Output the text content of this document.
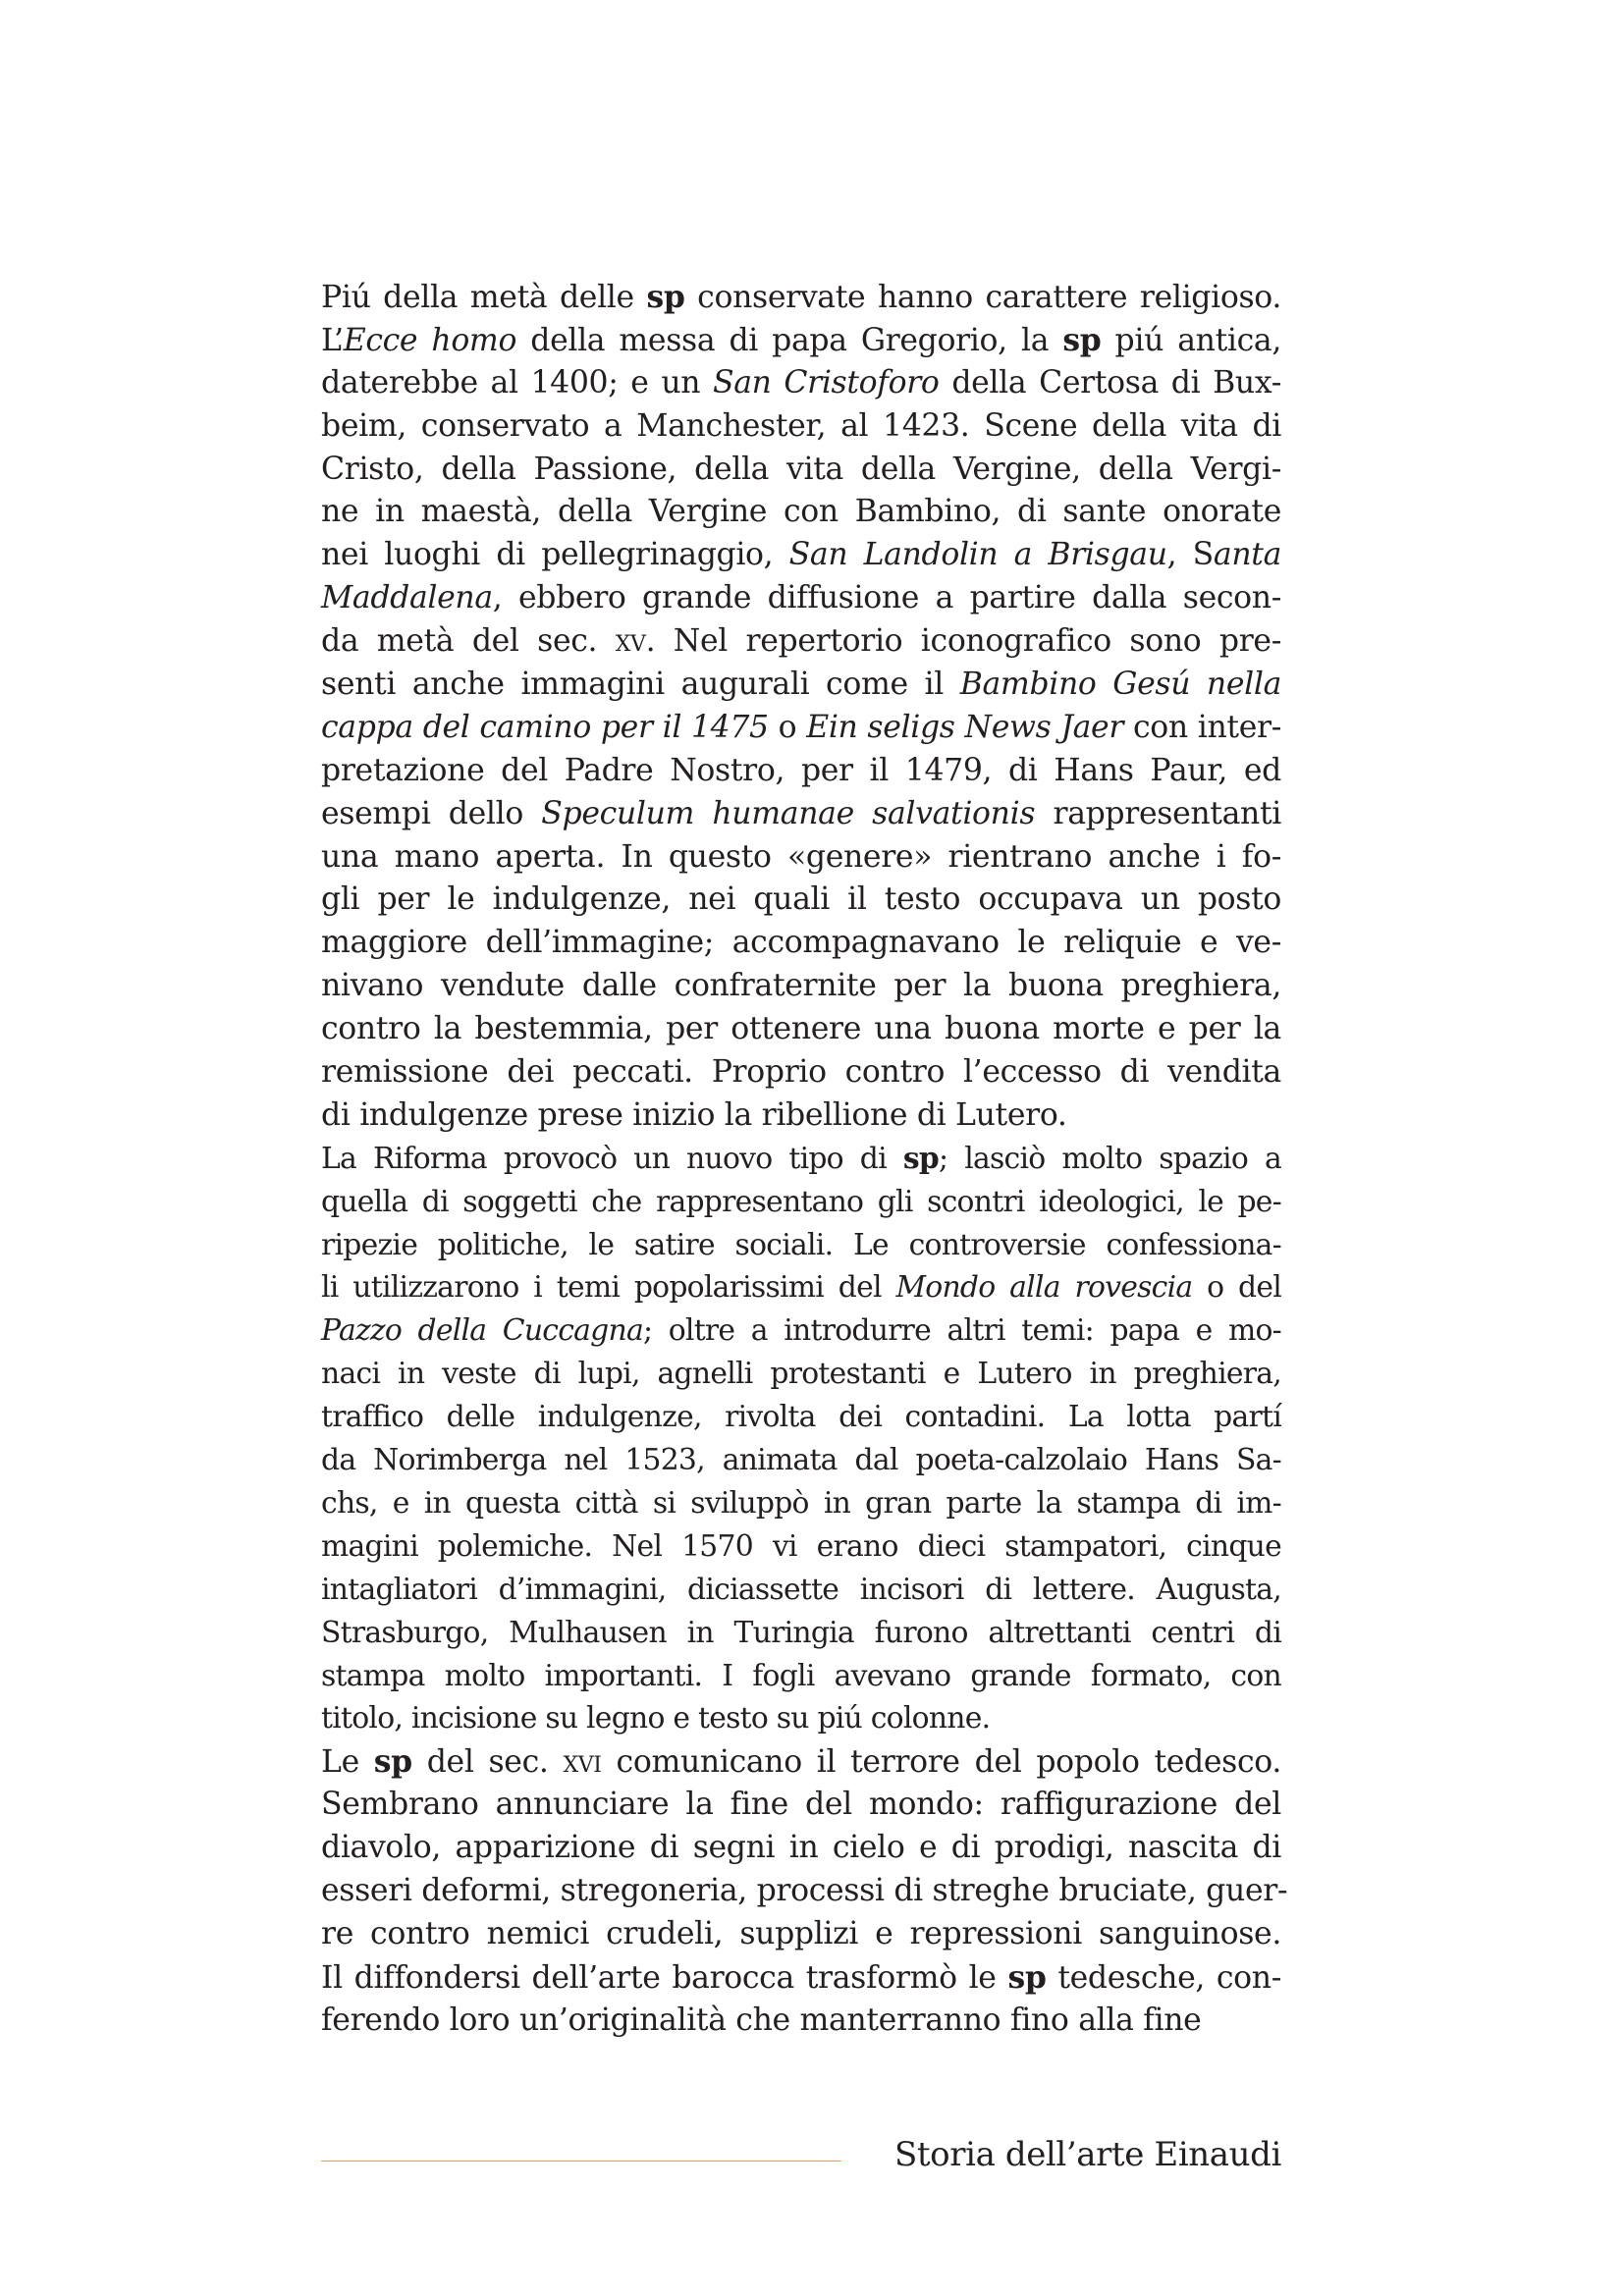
Piú della metà delle sp conservate hanno carattere religioso.
L’Ecce homo della messa di papa Gregorio, la sp piú antica,
daterebbe al 1400; e un San Cristoforo della Certosa di Bux-
beim, conservato a Manchester, al 1423. Scene della vita di
Cristo, della Passione, della vita della Vergine, della Vergi-
ne in maestà, della Vergine con Bambino, di sante onorate
nei luoghi di pellegrinaggio, San Landolin a Brisgau, Santa
Maddalena, ebbero grande diffusione a partire dalla secon-
da metà del sec. xv. Nel repertorio iconografico sono pre-
senti anche immagini augurali come il Bambino Gesú nella
cappa del camino per il 1475 o Ein seligs News Jaer con inter-
pretazione del Padre Nostro, per il 1479, di Hans Paur, ed
esempi dello Speculum humanae salvationis rappresentanti
una mano aperta. In questo «genere» rientrano anche i fo-
gli per le indulgenze, nei quali il testo occupava un posto
maggiore dell’immagine; accompagnavano le reliquie e ve-
nivano vendute dalle confraternite per la buona preghiera,
contro la bestemmia, per ottenere una buona morte e per la
remissione dei peccati. Proprio contro l’eccesso di vendita
di indulgenze prese inizio la ribellione di Lutero.
La Riforma provocò un nuovo tipo di sp; lasciò molto spazio a
quella di soggetti che rappresentano gli scontri ideologici, le pe-
ripezie politiche, le satire sociali. Le controversie confessiona-
li utilizzarono i temi popolarissimi del Mondo alla rovescia o del
Pazzo della Cuccagna; oltre a introdurre altri temi: papa e mo-
naci in veste di lupi, agnelli protestanti e Lutero in preghiera,
traffico delle indulgenze, rivolta dei contadini. La lotta partí
da Norimberga nel 1523, animata dal poeta-calzolaio Hans Sa-
chs, e in questa città si sviluppò in gran parte la stampa di im-
magini polemiche. Nel 1570 vi erano dieci stampatori, cinque
intagliatori d’immagini, diciassette incisori di lettere. Augusta,
Strasburgo, Mulhausen in Turingia furono altrettanti centri di
stampa molto importanti. I fogli avevano grande formato, con
titolo, incisione su legno e testo su piú colonne.
Le sp del sec. xvi comunicano il terrore del popolo tedesco.
Sembrano annunciare la fine del mondo: raffigurazione del
diavolo, apparizione di segni in cielo e di prodigi, nascita di
esseri deformi, stregoneria, processi di streghe bruciate, guer-
re contro nemici crudeli, supplizi e repressioni sanguinose.
Il diffondersi dell’arte barocca trasformò le sp tedesche, con-
ferendo loro un’originalità che manterranno fino alla fine
Storia dell’arte Einaudi
